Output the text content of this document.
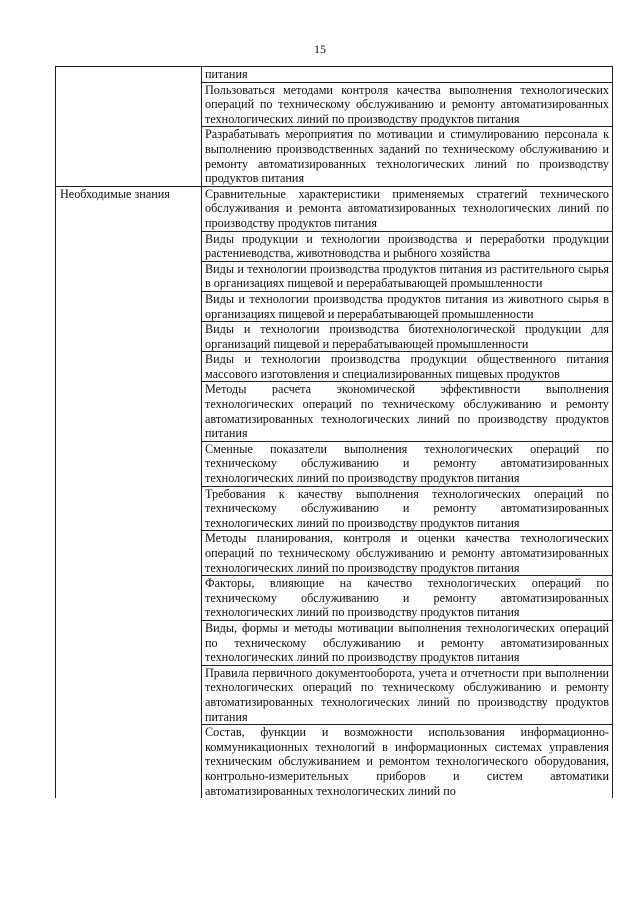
15
	питания
	Пользоваться методами контроля качества выполнения технологических операций по техническому обслуживанию и ремонту автоматизированных технологических линий по производству продуктов питания
	Разрабатывать мероприятия по мотивации и стимулированию персонала к выполнению производственных заданий по техническому обслуживанию и ремонту автоматизированных технологических линий по производству продуктов питания
Необходимые знания	Сравнительные характеристики применяемых стратегий технического обслуживания и ремонта автоматизированных технологических линий по производству продуктов питания
	Виды продукции и технологии производства и переработки продукции растениеводства, животноводства и рыбного хозяйства
	Виды и технологии производства продуктов питания из растительного сырья в организациях пищевой и перерабатывающей промышленности
	Виды и технологии производства продуктов питания из животного сырья в организациях пищевой и перерабатывающей промышленности
	Виды и технологии производства биотехнологической продукции для организаций пищевой и перерабатывающей промышленности
	Виды и технологии производства продукции общественного питания массового изготовления и специализированных пищевых продуктов
	Методы расчета экономической эффективности выполнения технологических операций по техническому обслуживанию и ремонту автоматизированных технологических линий по производству продуктов питания
	Сменные показатели выполнения технологических операций по техническому обслуживанию и ремонту автоматизированных технологических линий по производству продуктов питания
	Требования к качеству выполнения технологических операций по техническому обслуживанию и ремонту автоматизированных технологических линий по производству продуктов питания
	Методы планирования, контроля и оценки качества технологических операций по техническому обслуживанию и ремонту автоматизированных технологических линий по производству продуктов питания
	Факторы, влияющие на качество технологических операций по техническому обслуживанию и ремонту автоматизированных технологических линий по производству продуктов питания
	Виды, формы и методы мотивации выполнения технологических операций по техническому обслуживанию и ремонту автоматизированных технологических линий по производству продуктов питания
	Правила первичного документооборота, учета и отчетности при выполнении технологических операций по техническому обслуживанию и ремонту автоматизированных технологических линий по производству продуктов питания
	Состав, функции и возможности использования информационно-коммуникационных технологий в информационных системах управления техническим обслуживанием и ремонтом технологического оборудования, контрольно-измерительных приборов и систем автоматики автоматизированных технологических линий по
